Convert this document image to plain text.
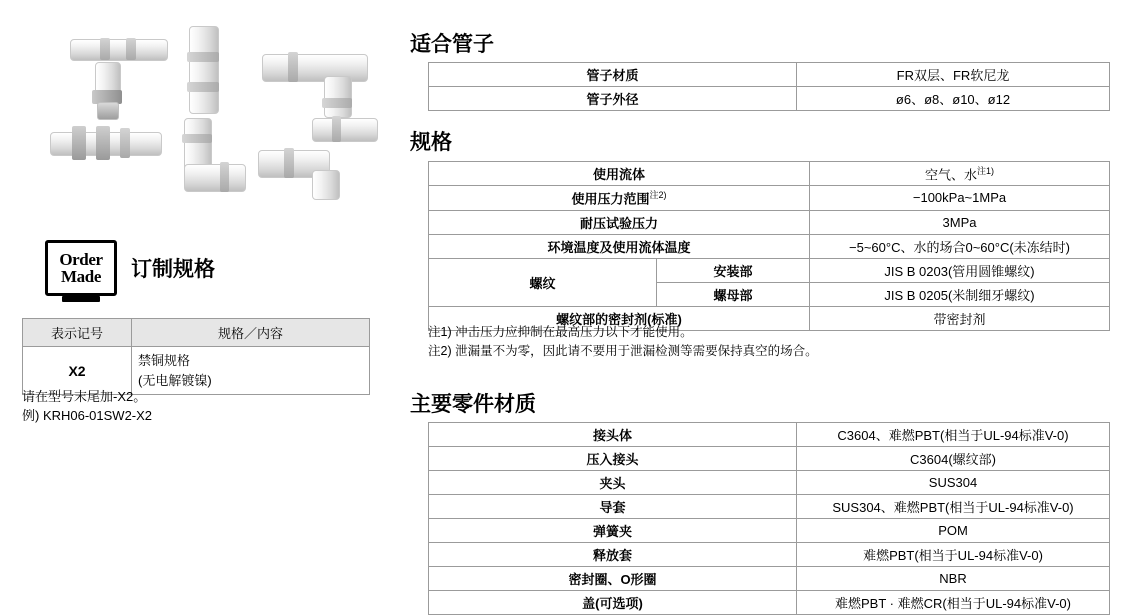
Order
Made 订制规格
表示记号	规格／内容
X2	禁铜规格
(无电解镀镍)
请在型号末尾加-X2。
例) KRH06-01SW2-X2
适合管子
管子材质	FR双层、FR软尼龙
管子外径	ø6、ø8、ø10、ø12
规格
使用流体		空气、水$^{注1)}$
使用压力范围$^{注2)}$		−100kPa~1MPa
耐压试验压力		3MPa
环境温度及使用流体温度		−5~60°C、水的场合0~60°C(未冻结时)
螺纹	安装部	JIS B 0203(管用圆锥螺纹)
	螺母部	JIS B 0205(米制细牙螺纹)
螺纹部的密封剂(标准)		带密封剂
注1) 冲击压力应抑制在最高压力以下才能使用。
注2) 泄漏量不为零，因此请不要用于泄漏检测等需要保持真空的场合。
主要零件材质
接头体	C3604、难燃PBT(相当于UL-94标准V-0)
压入接头	C3604(螺纹部)
夹头	SUS304
导套	SUS304、难燃PBT(相当于UL-94标准V-0)
弹簧夹	POM
释放套	难燃PBT(相当于UL-94标准V-0)
密封圈、O形圈	NBR
盖(可选项)	难燃PBT · 难燃CR(相当于UL-94标准V-0)
